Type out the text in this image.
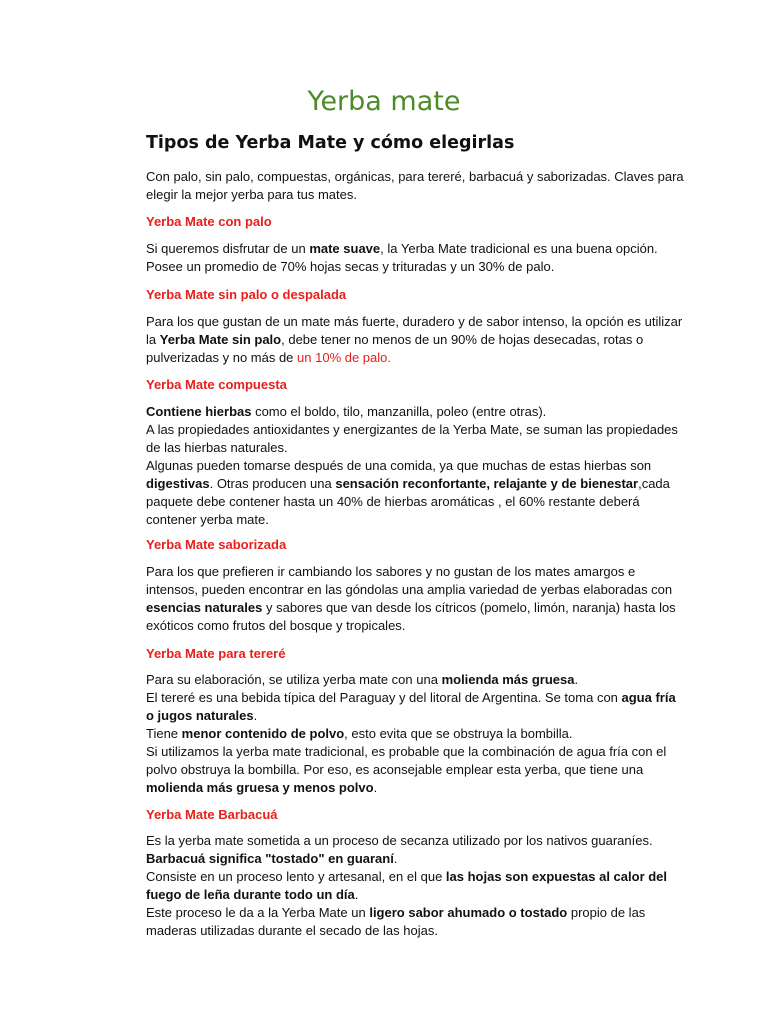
Yerba mate
Tipos de Yerba Mate y cómo elegirlas

Con palo, sin palo, compuestas, orgánicas, para tereré, barbacuá y saborizadas. Claves para elegir la mejor yerba para tus mates.

Yerba Mate con palo

Si queremos disfrutar de un mate suave, la Yerba Mate tradicional es una buena opción. Posee un promedio de 70% hojas secas y trituradas y un 30% de palo.

Yerba Mate sin palo o despalada

Para los que gustan de un mate más fuerte, duradero y de sabor intenso, la opción es utilizar la Yerba Mate sin palo, debe tener no menos de un 90% de hojas desecadas, rotas o pulverizadas y no más de un 10% de palo.

Yerba Mate compuesta

Contiene hierbas como el boldo, tilo, manzanilla, poleo (entre otras).

A las propiedades antioxidantes y energizantes de la Yerba Mate, se suman las propiedades de las hierbas naturales.

Algunas pueden tomarse después de una comida, ya que muchas de estas hierbas son digestivas. Otras producen una sensación reconfortante, relajante y de bienestar,cada paquete debe contener hasta un 40% de hierbas aromáticas , el 60% restante deberá contener yerba mate.

Yerba Mate saborizada

Para los que prefieren ir cambiando los sabores y no gustan de los mates amargos e intensos, pueden encontrar en las góndolas una amplia variedad de yerbas elaboradas con esencias naturales y sabores que van desde los cítricos (pomelo, limón, naranja) hasta los exóticos como frutos del bosque y tropicales.

Yerba Mate para tereré

Para su elaboración, se utiliza yerba mate con una molienda más gruesa.

El tereré es una bebida típica del Paraguay y del litoral de Argentina. Se toma con agua fría o jugos naturales.

Tiene menor contenido de polvo, esto evita que se obstruya la bombilla.

Si utilizamos la yerba mate tradicional, es probable que la combinación de agua fría con el polvo obstruya la bombilla. Por eso, es aconsejable emplear esta yerba, que tiene una molienda más gruesa y menos polvo.

Yerba Mate Barbacuá

Es la yerba mate sometida a un proceso de secanza utilizado por los nativos guaraníes. Barbacuá significa "tostado" en guaraní.

Consiste en un proceso lento y artesanal, en el que las hojas son expuestas al calor del fuego de leña durante todo un día.

Este proceso le da a la Yerba Mate un ligero sabor ahumado o tostado propio de las maderas utilizadas durante el secado de las hojas.
